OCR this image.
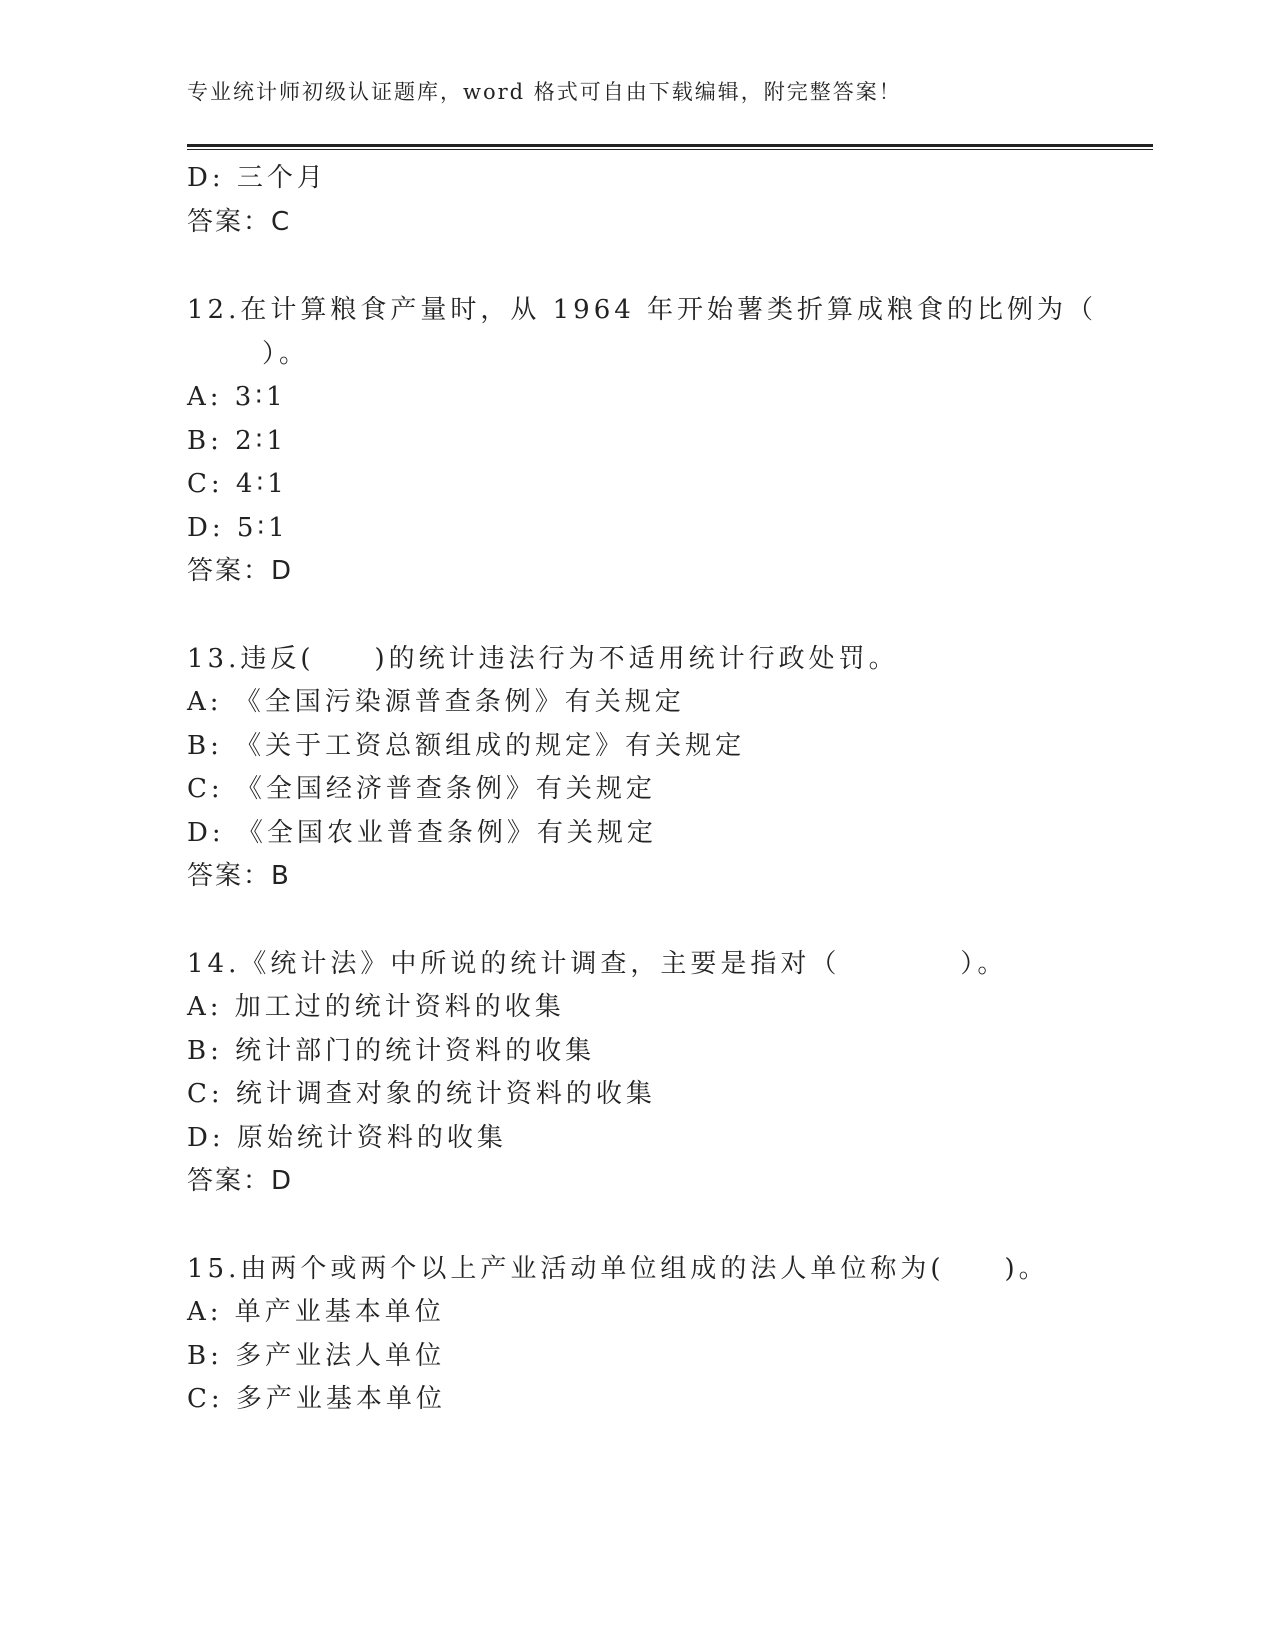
专业统计师初级认证题库，word 格式可自由下载编辑，附完整答案！
D: 三个月
答案：C
12.在计算粮食产量时，从 1964 年开始薯类折算成粮食的比例为（
）。
A: 3∶1
B: 2∶1
C: 4∶1
D: 5∶1
答案：D
13.违反(　　)的统计违法行为不适用统计行政处罚。
A: 《全国污染源普查条例》有关规定
B: 《关于工资总额组成的规定》有关规定
C: 《全国经济普查条例》有关规定
D: 《全国农业普查条例》有关规定
答案：B
14.《统计法》中所说的统计调查，主要是指对（　　　　）。
A: 加工过的统计资料的收集
B: 统计部门的统计资料的收集
C: 统计调查对象的统计资料的收集
D: 原始统计资料的收集
答案：D
15.由两个或两个以上产业活动单位组成的法人单位称为(　　)。
A: 单产业基本单位
B: 多产业法人单位
C: 多产业基本单位
